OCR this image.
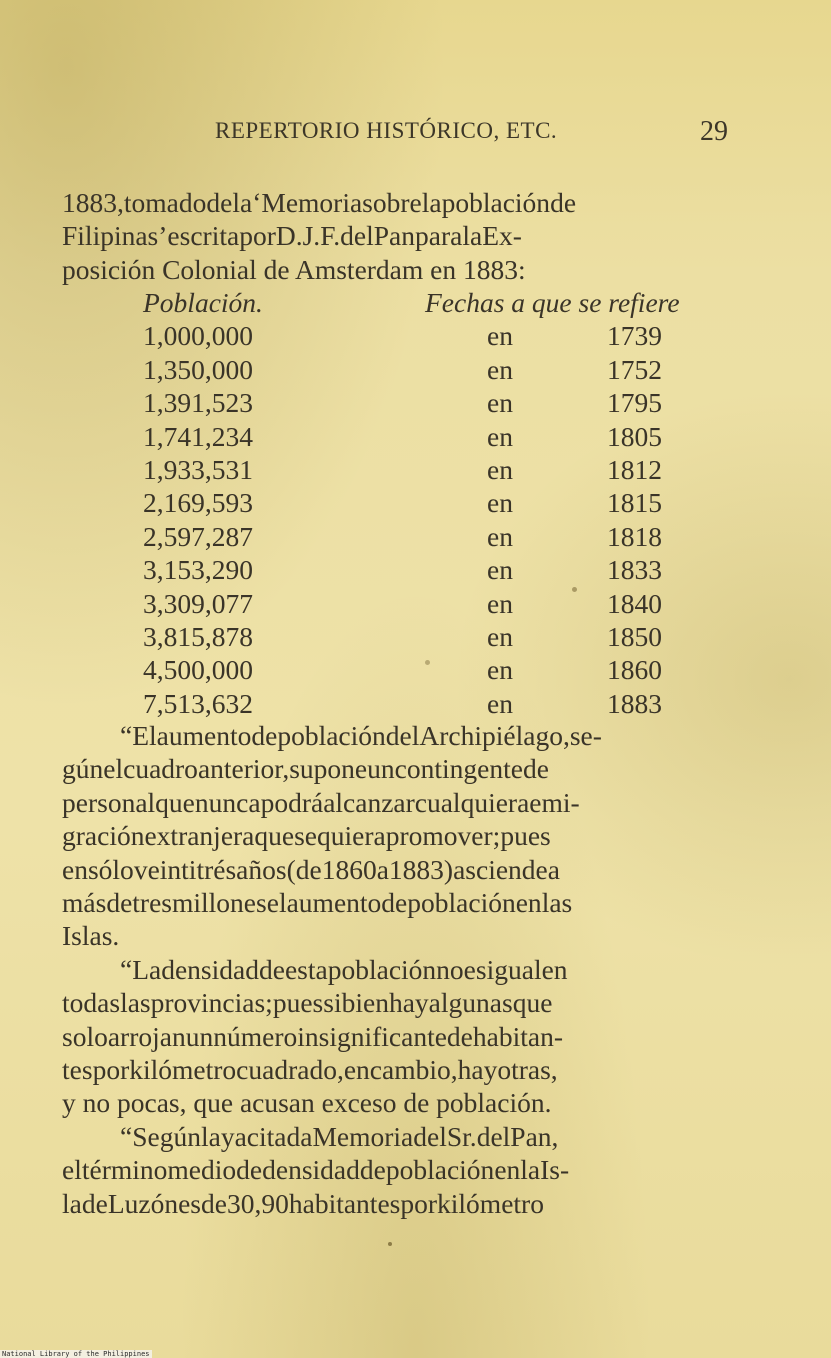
REPERTORIO HISTÓRICO, ETC.	29
1883,tomadodela‘Memoriasobrelapoblaciónde
Filipinas’escritaporD.J.F.delPanparalaEx-
posición Colonial de Amsterdam en 1883:
Población.	Fechas a que se refiere
1,000,000	en	1739
1,350,000	en	1752
1,391,523	en	1795
1,741,234	en	1805
1,933,531	en	1812
2,169,593	en	1815
2,597,287	en	1818
3,153,290	en	1833
3,309,077	en	1840
3,815,878	en	1850
4,500,000	en	1860
7,513,632	en	1883
“ElaumentodepoblacióndelArchipiélago,se-
gúnelcuadroanterior,suponeuncontingentede
personalquenuncapodráalcanzarcualquieraemi-
graciónextranjeraquesequierapromover;pues
ensóloveintitrésaños(de1860a1883)asciendea
másdetresmilloneselaumentodepoblaciónenlas
Islas.
“Ladensidaddeestapoblaciónnoesigualen
todaslasprovincias;puessibienhayalgunasque
soloarrojanunnúmeroinsignificantedehabitan-
tesporkilómetrocuadrado,encambio,hayotras,
y no pocas, que acusan exceso de población.
“SegúnlayacitadaMemoriadelSr.delPan,
eltérminomediodedensidaddepoblaciónenlaIs-
ladeLuzónesde30,90habitantesporkilómetro
National Library of the Philippines
